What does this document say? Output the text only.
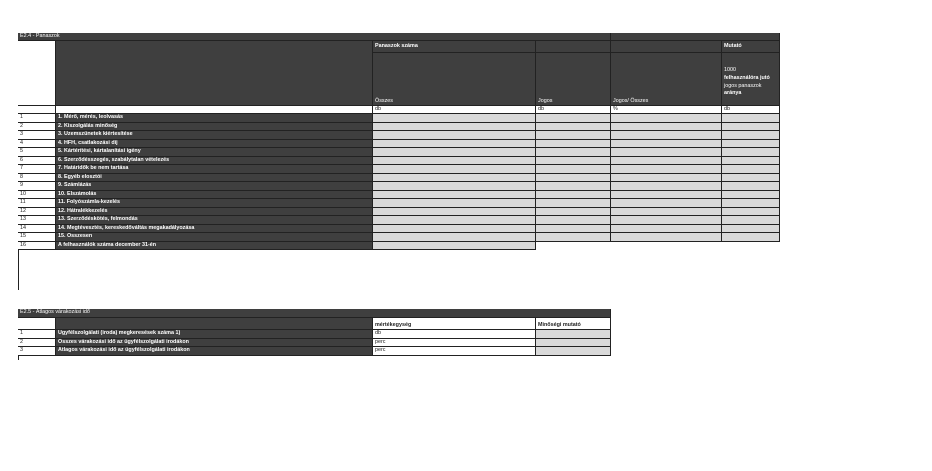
E2.4 - Panaszok
Panaszok száma	Mutató
Összes	Jogos	Jogos/ Összes
1000
felhasználóra jutó
jogos panaszok
aránya
db	db	%	db
1	1. Mérő, mérés, leolvasás
2	2. Kiszolgálás minőség
3	3. Üzemszünetek kiértesítése
4	4. HFH, csatlakozási díj
5	5. Kártérítési, kártalanítási igény
6	6. Szerződésszegés, szabálytalan vételezés
7	7. Határidők be nem tartása
8	8. Egyéb elosztói
9	9. Számlázás
10	10. Elszámolás
11	11. Folyószámla-kezelés
12	12. Hátralékkezelés
13	13. Szerződéskötés, felmondás
14	14. Megtévesztés, kereskedőváltás megakadályozása
15	15. Összesen
16	A felhasználók száma december 31-én
E2.5 - Átlagos várakozási idő
mértékegység	Minőségi mutató
1	Ügyfélszolgálati (iroda) megkeresések száma 1)	db
2	Összes várakozási idő az ügyfélszolgálati irodákon	perc
3	Átlagos várakozási idő az ügyfélszolgálati irodákon	perc
